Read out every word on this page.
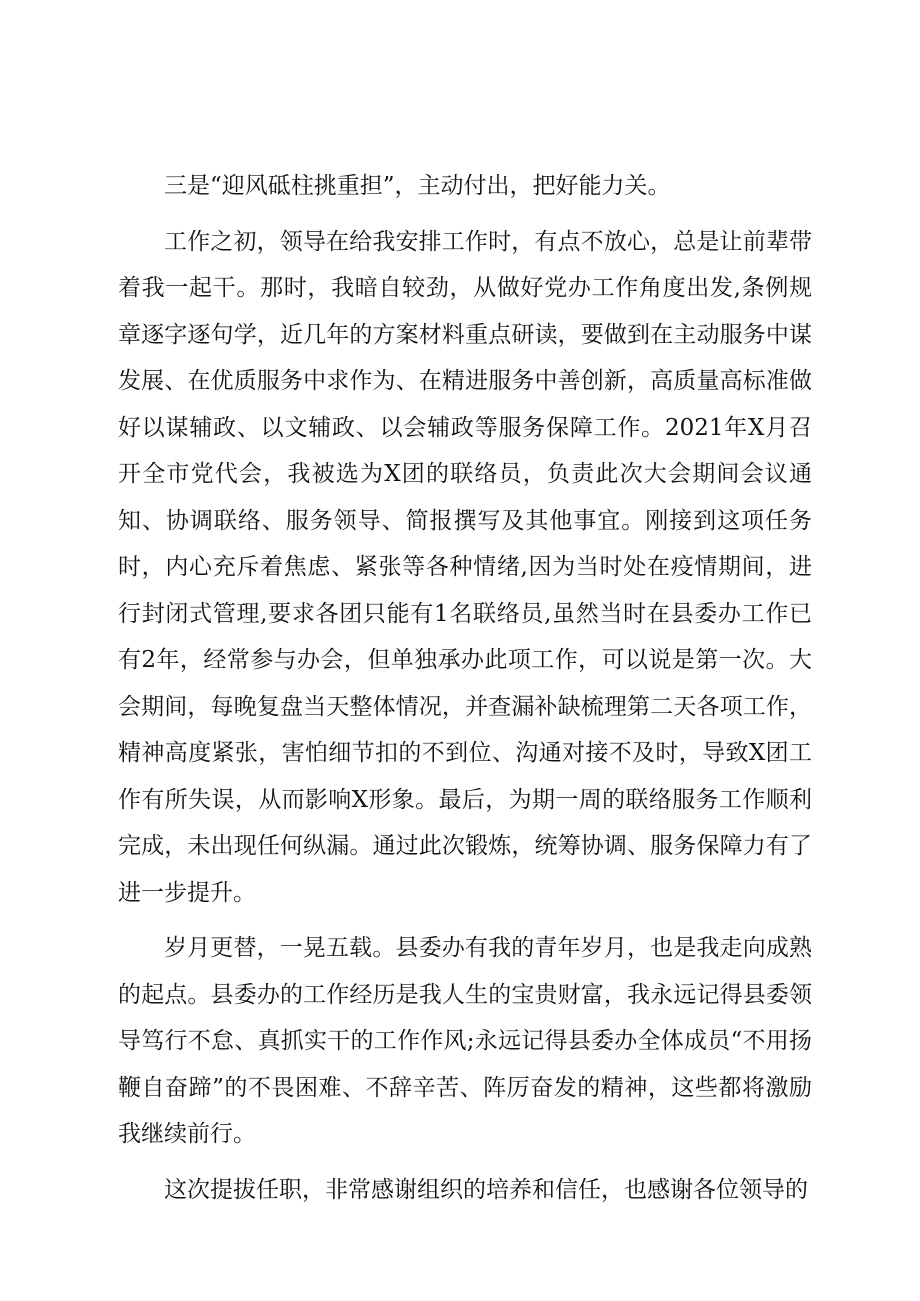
三是“迎风砥柱挑重担”，主动付出，把好能力关。

工作之初，领导在给我安排工作时，有点不放心，总是让前辈带着我一起干。那时，我暗自较劲，从做好党办工作角度出发,条例规章逐字逐句学，近几年的方案材料重点研读，要做到在主动服务中谋发展、在优质服务中求作为、在精进服务中善创新，高质量高标准做好以谋辅政、以文辅政、以会辅政等服务保障工作。2021年X月召开全市党代会，我被选为X团的联络员，负责此次大会期间会议通知、协调联络、服务领导、简报撰写及其他事宜。刚接到这项任务时，内心充斥着焦虑、紧张等各种情绪,因为当时处在疫情期间，进行封闭式管理,要求各团只能有1名联络员,虽然当时在县委办工作已有2年，经常参与办会，但单独承办此项工作，可以说是第一次。大会期间，每晚复盘当天整体情况，并查漏补缺梳理第二天各项工作，精神高度紧张，害怕细节扣的不到位、沟通对接不及时，导致X团工作有所失误，从而影响X形象。最后，为期一周的联络服务工作顺利完成，未出现任何纵漏。通过此次锻炼，统筹协调、服务保障力有了进一步提升。

岁月更替，一晃五载。县委办有我的青年岁月，也是我走向成熟的起点。县委办的工作经历是我人生的宝贵财富，我永远记得县委领导笃行不怠、真抓实干的工作作风;永远记得县委办全体成员“不用扬鞭自奋蹄”的不畏困难、不辞辛苦、阵厉奋发的精神，这些都将激励我继续前行。

这次提拔任职，非常感谢组织的培养和信任，也感谢各位领导的
